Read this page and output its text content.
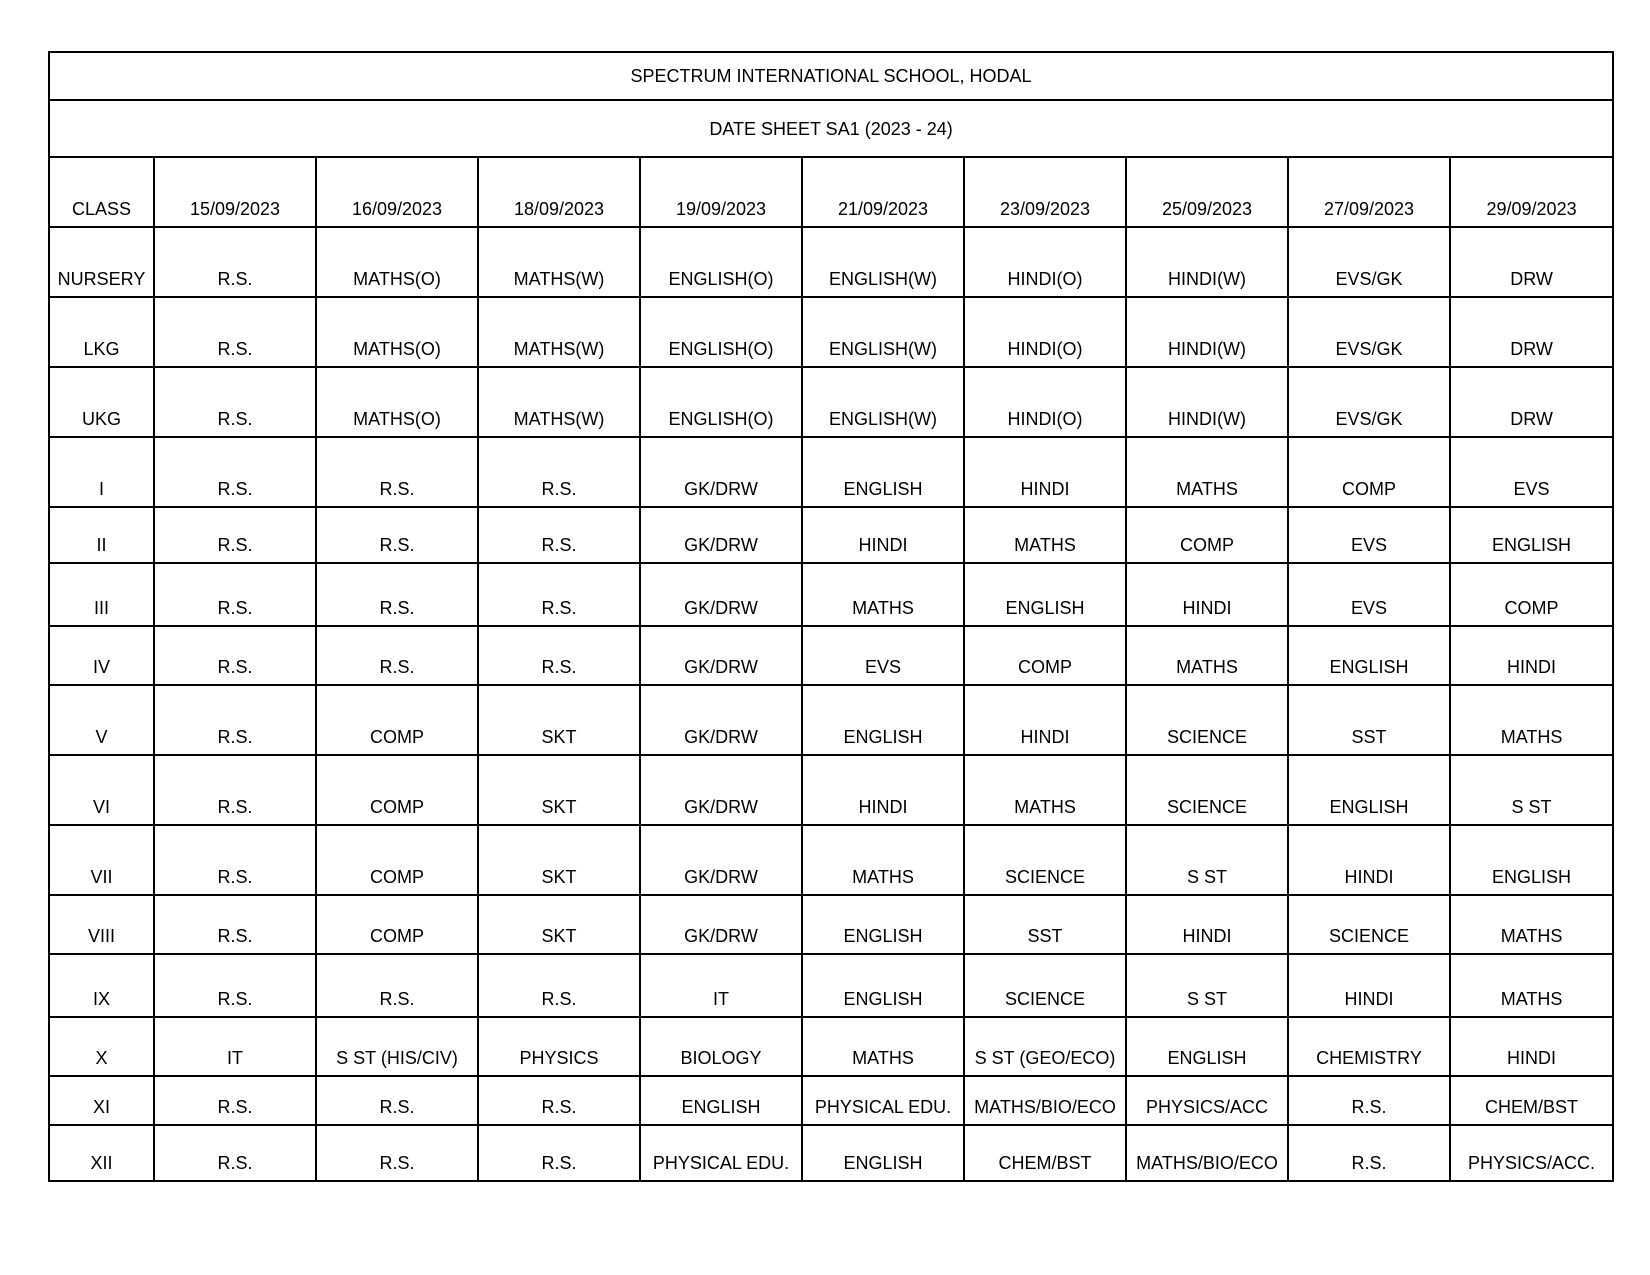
SPECTRUM INTERNATIONAL SCHOOL, HODAL									
DATE SHEET SA1 (2023 - 24)									
CLASS	15/09/2023	16/09/2023	18/09/2023	19/09/2023	21/09/2023	23/09/2023	25/09/2023	27/09/2023	29/09/2023
NURSERY	R.S.	MATHS(O)	MATHS(W)	ENGLISH(O)	ENGLISH(W)	HINDI(O)	HINDI(W)	EVS/GK	DRW
LKG	R.S.	MATHS(O)	MATHS(W)	ENGLISH(O)	ENGLISH(W)	HINDI(O)	HINDI(W)	EVS/GK	DRW
UKG	R.S.	MATHS(O)	MATHS(W)	ENGLISH(O)	ENGLISH(W)	HINDI(O)	HINDI(W)	EVS/GK	DRW
I	R.S.	R.S.	R.S.	GK/DRW	ENGLISH	HINDI	MATHS	COMP	EVS
II	R.S.	R.S.	R.S.	GK/DRW	HINDI	MATHS	COMP	EVS	ENGLISH
III	R.S.	R.S.	R.S.	GK/DRW	MATHS	ENGLISH	HINDI	EVS	COMP
IV	R.S.	R.S.	R.S.	GK/DRW	EVS	COMP	MATHS	ENGLISH	HINDI
V	R.S.	COMP	SKT	GK/DRW	ENGLISH	HINDI	SCIENCE	SST	MATHS
VI	R.S.	COMP	SKT	GK/DRW	HINDI	MATHS	SCIENCE	ENGLISH	S ST
VII	R.S.	COMP	SKT	GK/DRW	MATHS	SCIENCE	S ST	HINDI	ENGLISH
VIII	R.S.	COMP	SKT	GK/DRW	ENGLISH	SST	HINDI	SCIENCE	MATHS
IX	R.S.	R.S.	R.S.	IT	ENGLISH	SCIENCE	S ST	HINDI	MATHS
X	IT	S ST (HIS/CIV)	PHYSICS	BIOLOGY	MATHS	S ST (GEO/ECO)	ENGLISH	CHEMISTRY	HINDI
XI	R.S.	R.S.	R.S.	ENGLISH	PHYSICAL EDU.	MATHS/BIO/ECO	PHYSICS/ACC	R.S.	CHEM/BST
XII	R.S.	R.S.	R.S.	PHYSICAL EDU.	ENGLISH	CHEM/BST	MATHS/BIO/ECO	R.S.	PHYSICS/ACC.
